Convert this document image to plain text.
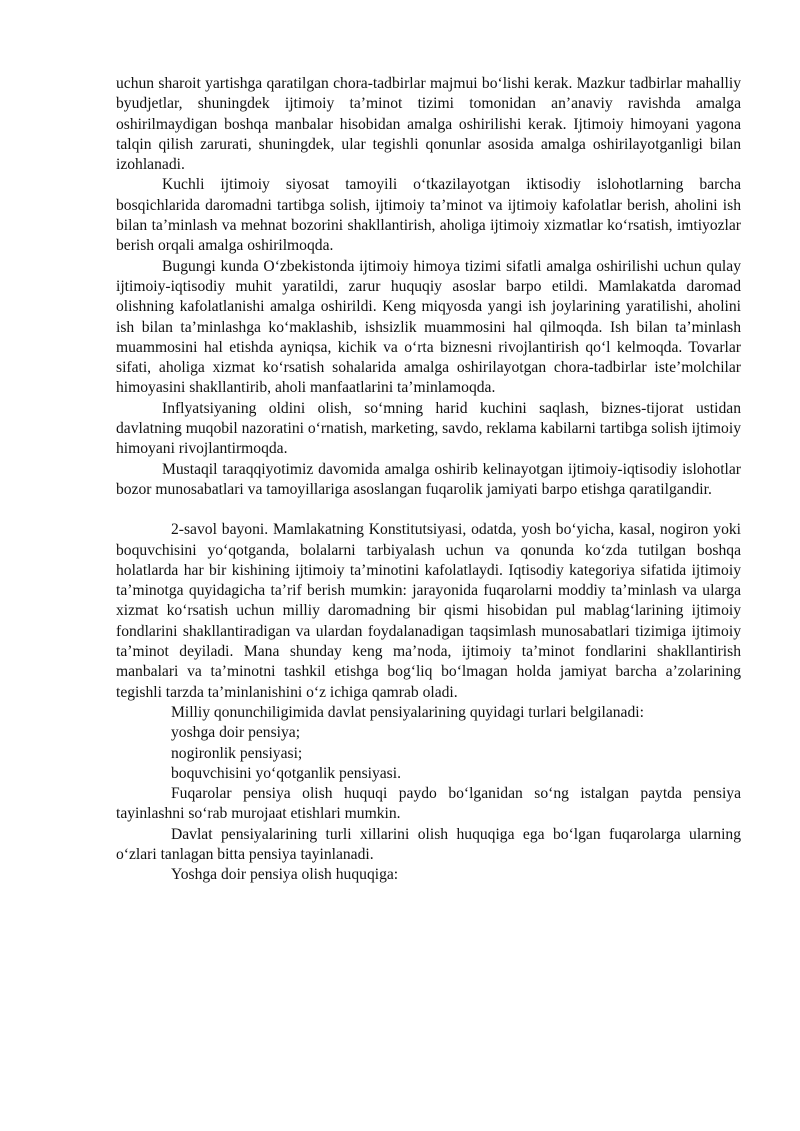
uchun sharoit yartishga qaratilgan chora-tadbirlar majmui bo‘lishi kerak. Mazkur tadbirlar mahalliy byudjetlar, shuningdek ijtimoiy ta’minot tizimi tomonidan an’anaviy ravishda amalga oshirilmaydigan boshqa manbalar hisobidan amalga oshirilishi kerak. Ijtimoiy himoyani yagona talqin qilish zarurati, shuningdek, ular tegishli qonunlar asosida amalga oshirilayotganligi bilan izohlanadi.

Kuchli ijtimoiy siyosat tamoyili o‘tkazilayotgan iktisodiy islohotlarning barcha bosqichlarida daromadni tartibga solish, ijtimoiy ta’minot va ijtimoiy kafolatlar berish, aholini ish bilan ta’minlash va mehnat bozorini shakllantirish, aholiga ijtimoiy xizmatlar ko‘rsatish, imtiyozlar berish orqali amalga oshirilmoqda.

Bugungi kunda O‘zbekistonda ijtimoiy himoya tizimi sifatli amalga oshirilishi uchun qulay ijtimoiy-iqtisodiy muhit yaratildi, zarur huquqiy asoslar barpo etildi. Mamlakatda daromad olishning kafolatlanishi amalga oshirildi. Keng miqyosda yangi ish joylarining yaratilishi, aholini ish bilan ta’minlashga ko‘maklashib, ishsizlik muammosini hal qilmoqda. Ish bilan ta’minlash muammosini hal etishda ayniqsa, kichik va o‘rta biznesni rivojlantirish qo‘l kelmoqda. Tovarlar sifati, aholiga xizmat ko‘rsatish sohalarida amalga oshirilayotgan chora-tadbirlar iste’molchilar himoyasini shakllantirib, aholi manfaatlarini ta’minlamoqda.

Inflyatsiyaning oldini olish, so‘mning harid kuchini saqlash, biznes-tijorat ustidan davlatning muqobil nazoratini o‘rnatish, marketing, savdo, reklama kabilarni tartibga solish ijtimoiy himoyani rivojlantirmoqda.

Mustaqil taraqqiyotimiz davomida amalga oshirib kelinayotgan ijtimoiy-iqtisodiy islohotlar bozor munosabatlari va tamoyillariga asoslangan fuqarolik jamiyati barpo etishga qaratilgandir.

2-savol bayoni. Mamlakatning Konstitutsiyasi, odatda, yosh bo‘yicha, kasal, nogiron yoki boquvchisini yo‘qotganda, bolalarni tarbiyalash uchun va qonunda ko‘zda tutilgan boshqa holatlarda har bir kishining ijtimoiy ta’minotini kafolatlaydi. Iqtisodiy kategoriya sifatida ijtimoiy ta’minotga quyidagicha ta’rif berish mumkin: jarayonida fuqarolarni moddiy ta’minlash va ularga xizmat ko‘rsatish uchun milliy daromadning bir qismi hisobidan pul mablag‘larining ijtimoiy fondlarini shakllantiradigan va ulardan foydalanadigan taqsimlash munosabatlari tizimiga ijtimoiy ta’minot deyiladi. Mana shunday keng ma’noda, ijtimoiy ta’minot fondlarini shakllantirish manbalari va ta’minotni tashkil etishga bog‘liq bo‘lmagan holda jamiyat barcha a’zolarining tegishli tarzda ta’minlanishini o‘z ichiga qamrab oladi.

Milliy qonunchiligimida davlat pensiyalarining quyidagi turlari belgilanadi:

yoshga doir pensiya;

nogironlik pensiyasi;

boquvchisini yo‘qotganlik pensiyasi.

Fuqarolar pensiya olish huquqi paydo bo‘lganidan so‘ng istalgan paytda pensiya tayinlashni so‘rab murojaat etishlari mumkin.

Davlat pensiyalarining turli xillarini olish huquqiga ega bo‘lgan fuqarolarga ularning o‘zlari tanlagan bitta pensiya tayinlanadi.

Yoshga doir pensiya olish huquqiga:
